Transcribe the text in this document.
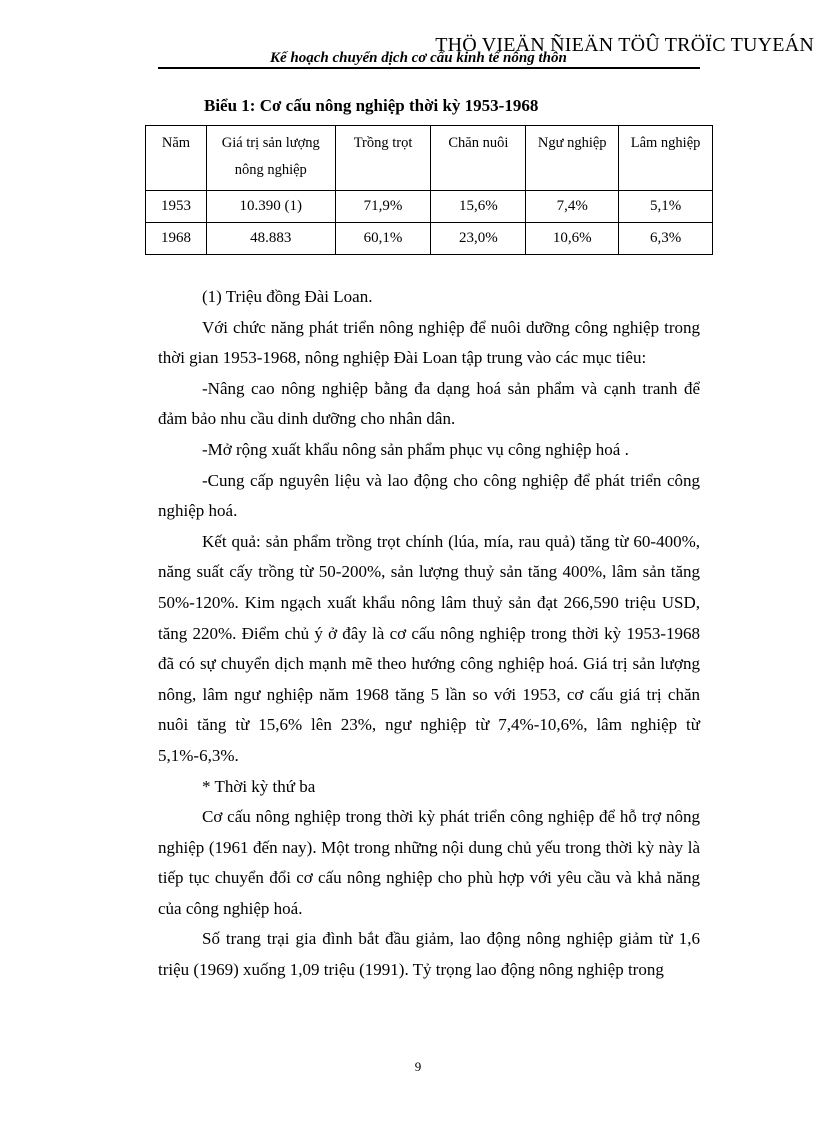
THÖ VIEÄN ÑIEÄN TÖÛ TRÖÏC TUYEÁN
Kế hoạch chuyển dịch cơ cấu kinh tế nông thôn
Biểu 1: Cơ cấu nông nghiệp thời kỳ 1953-1968
Năm	Giá trị sản lượng nông nghiệp	Trồng trọt	Chăn nuôi	Ngư nghiệp	Lâm nghiệp
1953	10.390 (1)	71,9%	15,6%	7,4%	5,1%
1968	48.883	60,1%	23,0%	10,6%	6,3%

(1) Triệu đồng Đài Loan.

Với chức năng phát triển nông nghiệp để nuôi dưỡng công nghiệp trong thời gian 1953-1968, nông nghiệp Đài Loan tập trung vào các mục tiêu:

-Nâng cao nông nghiệp bằng đa dạng hoá sản phẩm và cạnh tranh để đảm bảo nhu cầu dinh dưỡng cho nhân dân.

-Mở rộng xuất khẩu nông sản phẩm phục vụ công nghiệp hoá .

-Cung cấp nguyên liệu và lao động cho công nghiệp để phát triển công nghiệp hoá.

Kết quả: sản phẩm trồng trọt chính (lúa, mía, rau quả) tăng từ 60-400%, năng suất cấy trồng từ 50-200%, sản lượng thuỷ sản tăng 400%, lâm sản tăng 50%-120%. Kim ngạch xuất khẩu nông lâm thuỷ sản đạt 266,590 triệu USD, tăng 220%. Điểm chủ ý ở đây là cơ cấu nông nghiệp trong thời kỳ 1953-1968 đã có sự chuyển dịch mạnh mẽ theo hướng công nghiệp hoá. Giá trị sản lượng nông, lâm ngư nghiệp năm 1968 tăng 5 lần so với 1953, cơ cấu giá trị chăn nuôi tăng từ 15,6% lên 23%, ngư nghiệp từ 7,4%-10,6%, lâm nghiệp từ 5,1%-6,3%.

* Thời kỳ thứ ba

Cơ cấu nông nghiệp trong thời kỳ phát triển công nghiệp để hỗ trợ nông nghiệp (1961 đến nay). Một trong những nội dung chủ yếu trong thời kỳ này là tiếp tục chuyển đổi cơ cấu nông nghiệp cho phù hợp với yêu cầu và khả năng của công nghiệp hoá.

Số trang trại gia đình bắt đầu giảm, lao động nông nghiệp giảm từ 1,6 triệu (1969) xuống 1,09 triệu (1991). Tỷ trọng lao động nông nghiệp trong

9
